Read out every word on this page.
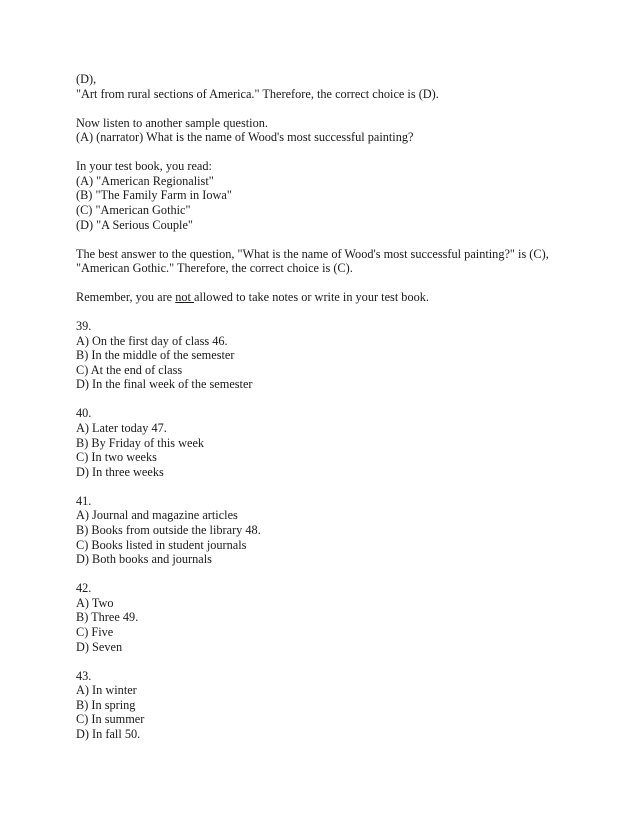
(D),
"Art from rural sections of America." Therefore, the correct choice is (D).
Now listen to another sample question.
(A) (narrator) What is the name of Wood's most successful painting?
In your test book, you read:
(A) "American Regionalist"
(B) "The Family Farm in Iowa"
(C) "American Gothic"
(D) "A Serious Couple"
The best answer to the question, "What is the name of Wood's most successful painting?" is (C),
"American Gothic." Therefore, the correct choice is (C).
Remember, you are not allowed to take notes or write in your test book.
39.
A) On the first day of class 46.
B) In the middle of the semester
C) At the end of class
D) In the final week of the semester
40.
A) Later today 47.
B) By Friday of this week
C) In two weeks
D) In three weeks
41.
A) Journal and magazine articles
B) Books from outside the library 48.
C) Books listed in student journals
D) Both books and journals
42.
A) Two
B) Three 49.
C) Five
D) Seven
43.
A) In winter
B) In spring
C) In summer
D) In fall 50.
